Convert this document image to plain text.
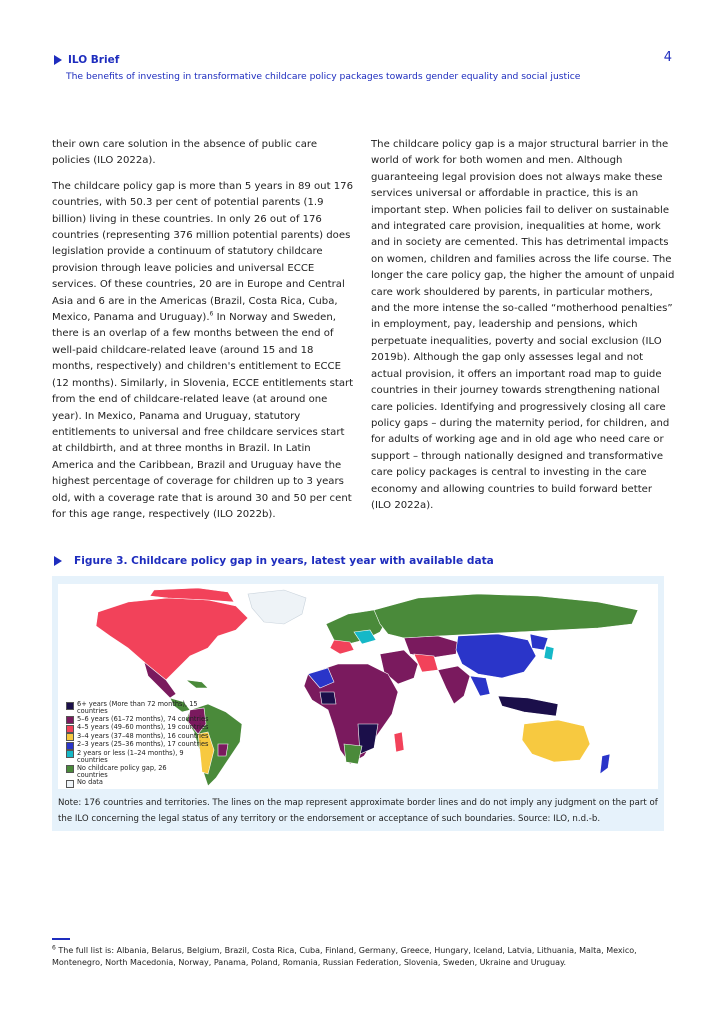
ILO Brief
The benefits of investing in transformative childcare policy packages towards gender equality and social justice
4

their own care solution in the absence of public care policies (ILO 2022a).

The childcare policy gap is more than 5 years in 89 out 176 countries, with 50.3 per cent of potential parents (1.9 billion) living in these countries. In only 26 out of 176 countries (representing 376 million potential parents) does legislation provide a continuum of statutory childcare provision through leave policies and universal ECCE services. Of these countries, 20 are in Europe and Central Asia and 6 are in the Americas (Brazil, Costa Rica, Cuba, Mexico, Panama and Uruguay).$^6$ In Norway and Sweden, there is an overlap of a few months between the end of well-paid childcare-related leave (around 15 and 18 months, respectively) and children's entitlement to ECCE (12 months). Similarly, in Slovenia, ECCE entitlements start from the end of childcare-related leave (at around one year). In Mexico, Panama and Uruguay, statutory entitlements to universal and free childcare services start at childbirth, and at three months in Brazil. In Latin America and the Caribbean, Brazil and Uruguay have the highest percentage of coverage for children up to 3 years old, with a coverage rate that is around 30 and 50 per cent for this age range, respectively (ILO 2022b).

The childcare policy gap is a major structural barrier in the world of work for both women and men. Although guaranteeing legal provision does not always make these services universal or affordable in practice, this is an important step. When policies fail to deliver on sustainable and integrated care provision, inequalities at home, work and in society are cemented. This has detrimental impacts on women, children and families across the life course. The longer the care policy gap, the higher the amount of unpaid care work shouldered by parents, in particular mothers, and the more intense the so-called “motherhood penalties” in employment, pay, leadership and pensions, which perpetuate inequalities, poverty and social exclusion (ILO 2019b). Although the gap only assesses legal and not actual provision, it offers an important road map to guide countries in their journey towards strengthening national care policies. Identifying and progressively closing all care policy gaps – during the maternity period, for children, and for adults of working age and in old age who need care or support – through nationally designed and transformative care policy packages is central to investing in the care economy and allowing countries to build forward better (ILO 2022a).

Figure 3. Childcare policy gap in years, latest year with available data
6+ years (More than 72 months), 15 countries
5–6 years (61–72 months), 74 countries
4–5 years (49–60 months), 19 countries
3–4 years (37–48 months), 16 countries
2–3 years (25–36 months), 17 countries
2 years or less (1–24 months), 9 countries
No childcare policy gap, 26 countries
No data
Note: 176 countries and territories. The lines on the map represent approximate border lines and do not imply any judgment on the part of the ILO concerning the legal status of any territory or the endorsement or acceptance of such boundaries. Source: ILO, n.d.-b.
$^6$ The full list is: Albania, Belarus, Belgium, Brazil, Costa Rica, Cuba, Finland, Germany, Greece, Hungary, Iceland, Latvia, Lithuania, Malta, Mexico, Montenegro, North Macedonia, Norway, Panama, Poland, Romania, Russian Federation, Slovenia, Sweden, Ukraine and Uruguay.
